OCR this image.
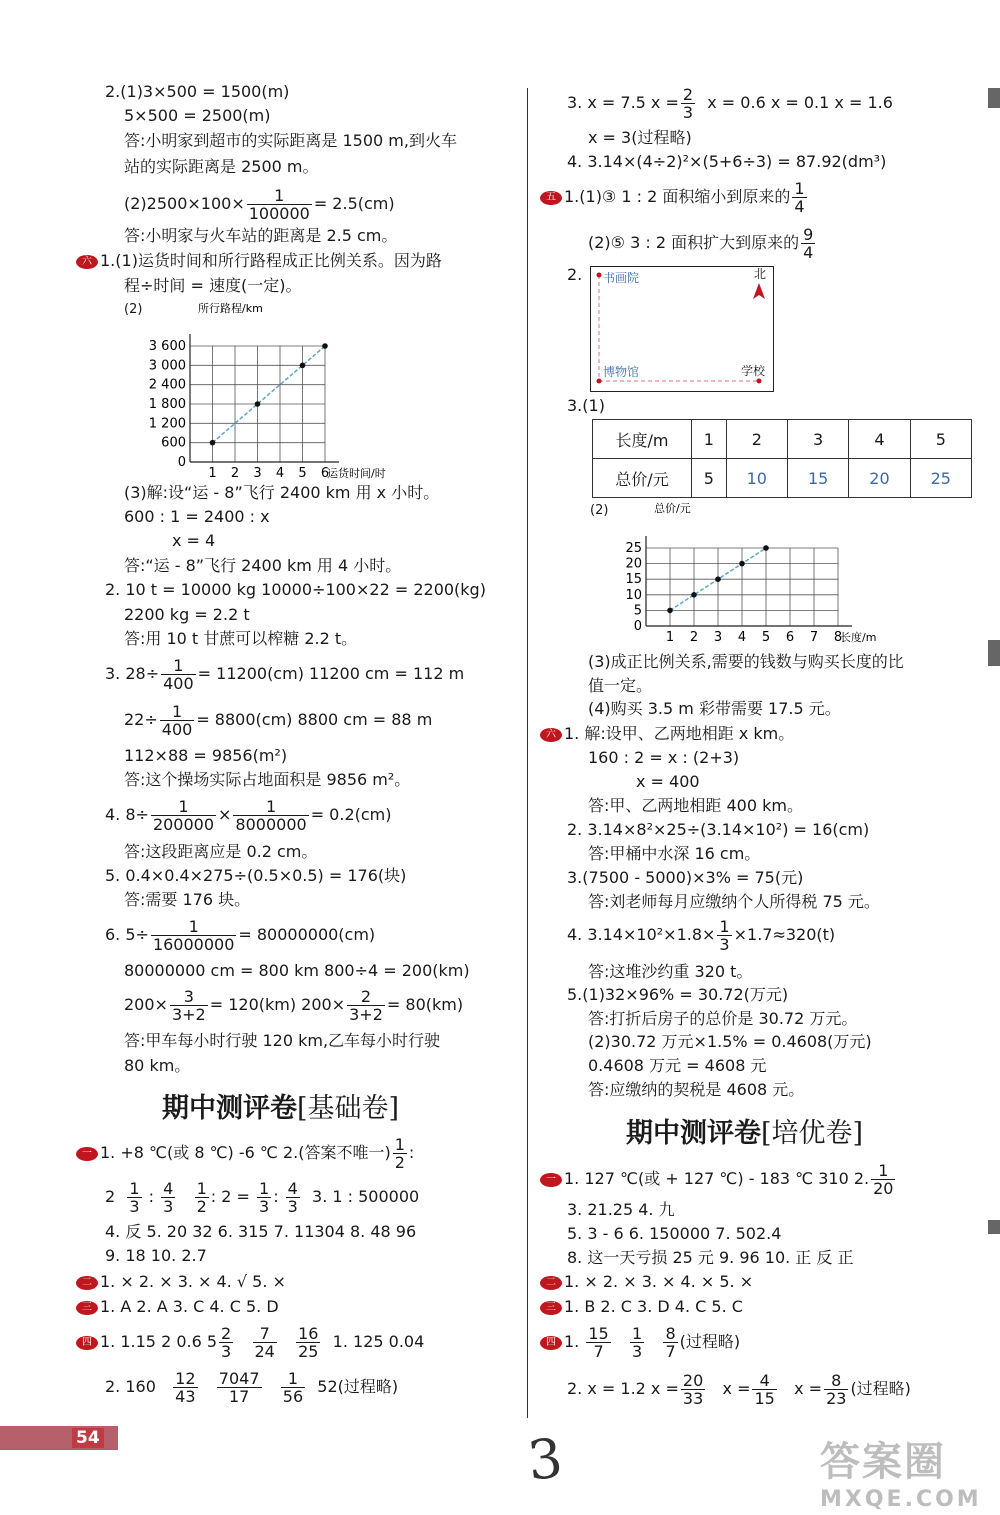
2.(1)3×500 = 1500(m)
5×500 = 2500(m)
答:小明家到超市的实际距离是 1500 m,到火车
站的实际距离是 2500 m。
$(2)2500\times 100\times \frac{1}{100000} = 2.5(cm)$
答:小明家与火车站的距离是 2.5 cm。
六 1.(1)运货时间和所行路程成正比例关系。因为路
程÷时间 = 速度(一定)。
(2)	所行路程/km
1 2 3 4 5 6
600
1 200
1 800
2 400
3 000
3 600
0
运货时间/时
(3)解:设“运 - 8”飞行 2400 km 用 x 小时。
600 : 1 = 2400 : x
x = 4
答:“运 - 8”飞行 2400 km 用 4 小时。
2. 10 t = 10000 kg 10000÷100×22 = 2200(kg)
2200 kg = 2.2 t
答:用 10 t 甘蔗可以榨糖 2.2 t。
3. $28\div \frac{1}{400} = 11200(cm)$ 11200 cm = 112 m
$22\div \frac{1}{400} = 8800(cm)$ 8800 cm = 88 m
112×88 = 9856(m²)
答:这个操场实际占地面积是 9856 m²。
4. $8\div \frac{1}{200000} \times \frac{1}{8000000} = 0.2(cm)$
答:这段距离应是 0.2 cm。
5. 0.4×0.4×275÷(0.5×0.5) = 176(块)
答:需要 176 块。
6. $5\div \frac{1}{16000000} = 80000000(cm)$
80000000 cm = 800 km 800÷4 = 200(km)
$200\times \frac{3}{3+2} = 120(km)$ $200\times \frac{2}{3+2} = 80(km)$
答:甲车每小时行驶 120 km,乙车每小时行驶
80 km。
期中测评卷[基础卷]
一 1. +8 ℃(或 8 ℃) -6 ℃ 2.(答案不唯一) $\frac{1}{2}$ :
$2 \frac{1}{3}$ : $\frac{4}{3}$
$\frac{1}{2}$ : $2 = \frac{1}{3}$ : $\frac{4}{3} 3$. 1 : 500000
4. 反 5. 20 32 6. 315 7. 11304 8. 48 96
9. 18 10. 2.7
二 1. × 2. × 3. × 4. √ 5. ×
三 1. A 2. A 3. C 4. C 5. D
四 1. 1.15 2 0.6 $5 \frac{2}{3}$
$\frac{7}{24}$
$\frac{16}{25} 1$. 125 0.04
2. $160 \frac{12}{43}$
$\frac{7047}{17}$
$\frac{1}{56} 52$(过程略)
54
3. x = 7.5 $x = \frac{2}{3}$ x = 0.6 x = 0.1 x = 1.6
x = 3(过程略)
4. 3.14×(4÷2)²×(5+6÷3) = 87.92(dm³)
五 1.(1)③ 1 : 2 面积缩小到原来的 $\frac{1}{4}$
(2)⑤ 3 : 2 面积扩大到原来的 $\frac{9}{4}$
2. 书画院	北
博物馆	学校
3.(1)
长度/m	1	2	3	4	5
总价/元	5	10	15	20	25
(2)	总价/元
1 2 3 4 5 6 7 8
5
10
15
20
25
0
长度/m
(3)成正比例关系,需要的钱数与购买长度的比
值一定。
(4)购买 3.5 m 彩带需要 17.5 元。
六 1. 解:设甲、乙两地相距 x km。
160 : 2 = x : (2+3)
x = 400
答:甲、乙两地相距 400 km。
2. 3.14×8²×25÷(3.14×10²) = 16(cm)
答:甲桶中水深 16 cm。
3.(7500 - 5000)×3% = 75(元)
答:刘老师每月应缴纳个人所得税 75 元。
4. $3.14\times 10^2\times 1.8\times \frac{1}{3} \times 1.7\approx 320(t)$
答:这堆沙约重 320 t。
5.(1)32×96% = 30.72(万元)
答:打折后房子的总价是 30.72 万元。
(2)30.72 万元×1.5% = 0.4608(万元)
0.4608 万元 = 4608 元
答:应缴纳的契税是 4608 元。
期中测评卷[培优卷]
一 1. 127 ℃(或 + 127 ℃) - 183 ℃ 310 2. $\frac{1}{20}$
3. 21.25 4. 九
5. 3 - 6 6. 150000 7. 502.4
8. 这一天亏损 25 元 9. 96 10. 正 反 正
二 1. × 2. × 3. × 4. × 5. ×
三 1. B 2. C 3. D 4. C 5. C
四 1. $\frac{15}{7}$
$\frac{1}{3}$
$\frac{8}{7}$ (过程略)
2. x = 1.2 $x = \frac{20}{33}$ $x = \frac{4}{15}$ $x = \frac{8}{23}$ (过程略)
3	答案圈
MXQE.COM
